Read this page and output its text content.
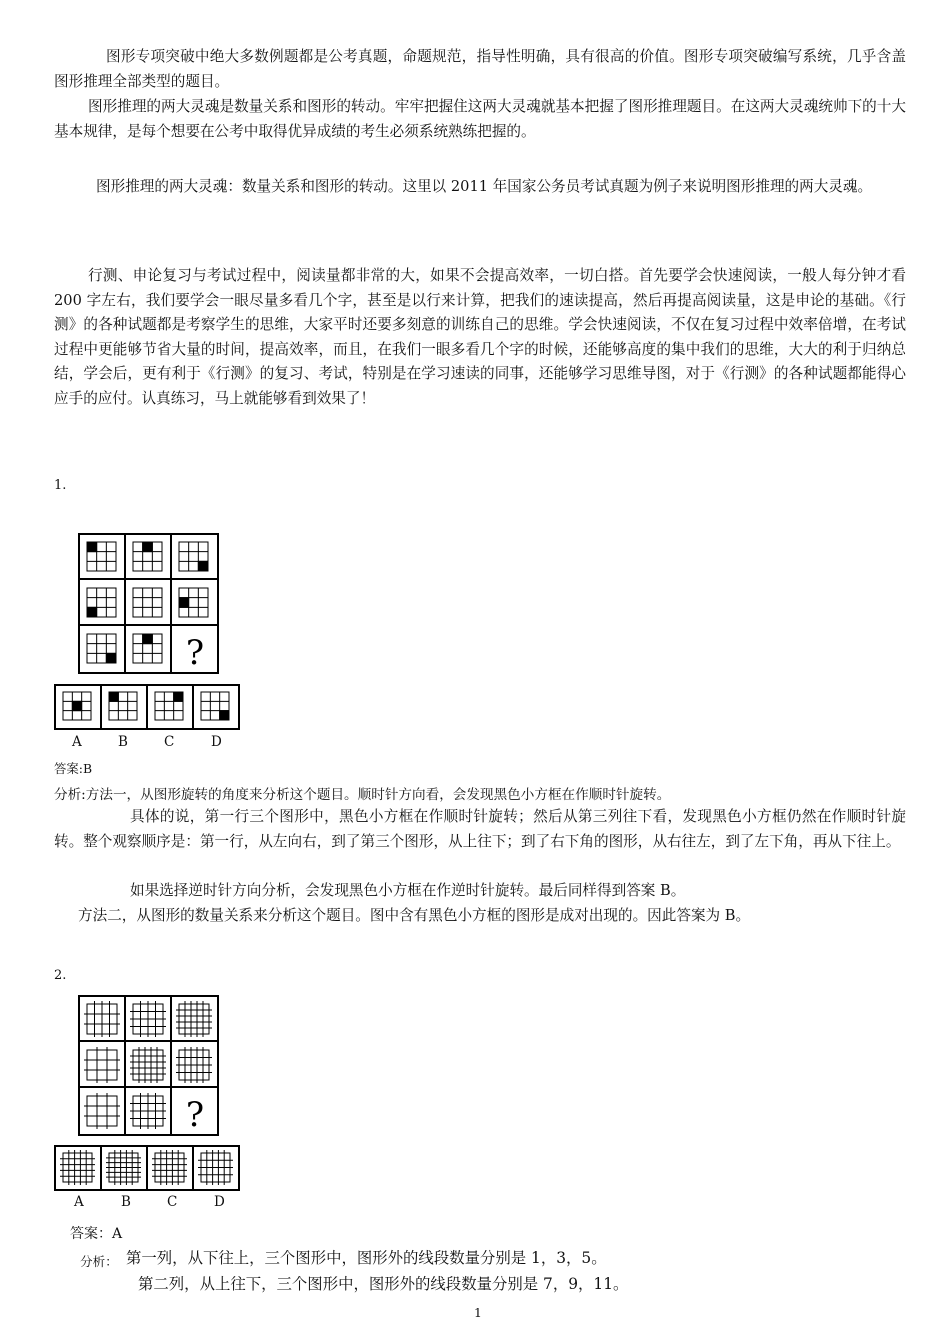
图形专项突破中绝大多数例题都是公考真题，命题规范，指导性明确，具有很高的价值。图形专项突破编写系统，几乎含盖图形推理全部类型的题目。
图形推理的两大灵魂是数量关系和图形的转动。牢牢把握住这两大灵魂就基本把握了图形推理题目。在这两大灵魂统帅下的十大基本规律，是每个想要在公考中取得优异成绩的考生必须系统熟练把握的。
图形推理的两大灵魂：数量关系和图形的转动。这里以 2011 年国家公务员考试真题为例子来说明图形推理的两大灵魂。
行测、申论复习与考试过程中，阅读量都非常的大，如果不会提高效率，一切白搭。首先要学会快速阅读，一般人每分钟才看 200 字左右，我们要学会一眼尽量多看几个字，甚至是以行来计算，把我们的速读提高，然后再提高阅读量，这是申论的基础。《行测》的各种试题都是考察学生的思维，大家平时还要多刻意的训练自己的思维。学会快速阅读，不仅在复习过程中效率倍增，在考试过程中更能够节省大量的时间，提高效率，而且，在我们一眼多看几个字的时候，还能够高度的集中我们的思维，大大的利于归纳总结，学会后，更有利于《行测》的复习、考试，特别是在学习速读的同事，还能够学习思维导图，对于《行测》的各种试题都能得心应手的应付。认真练习，马上就能够看到效果了！
1.
?
A	B	C	D
答案:B
分析:方法一，从图形旋转的角度来分析这个题目。顺时针方向看，会发现黑色小方框在作顺时针旋转。
具体的说，第一行三个图形中，黑色小方框在作顺时针旋转；然后从第三列往下看，发现黑色小方框仍然在作顺时针旋转。整个观察顺序是：第一行，从左向右，到了第三个图形，从上往下；到了右下角的图形，从右往左，到了左下角，再从下往上。
如果选择逆时针方向分析，会发现黑色小方框在作逆时针旋转。最后同样得到答案 B。
方法二，从图形的数量关系来分析这个题目。图中含有黑色小方框的图形是成对出现的。因此答案为 B。
2.
?
A	B	C	D
答案：A
分析： 第一列，从下往上，三个图形中，图形外的线段数量分别是 1，3，5。
第二列，从上往下，三个图形中，图形外的线段数量分别是 7，9，11。
1
